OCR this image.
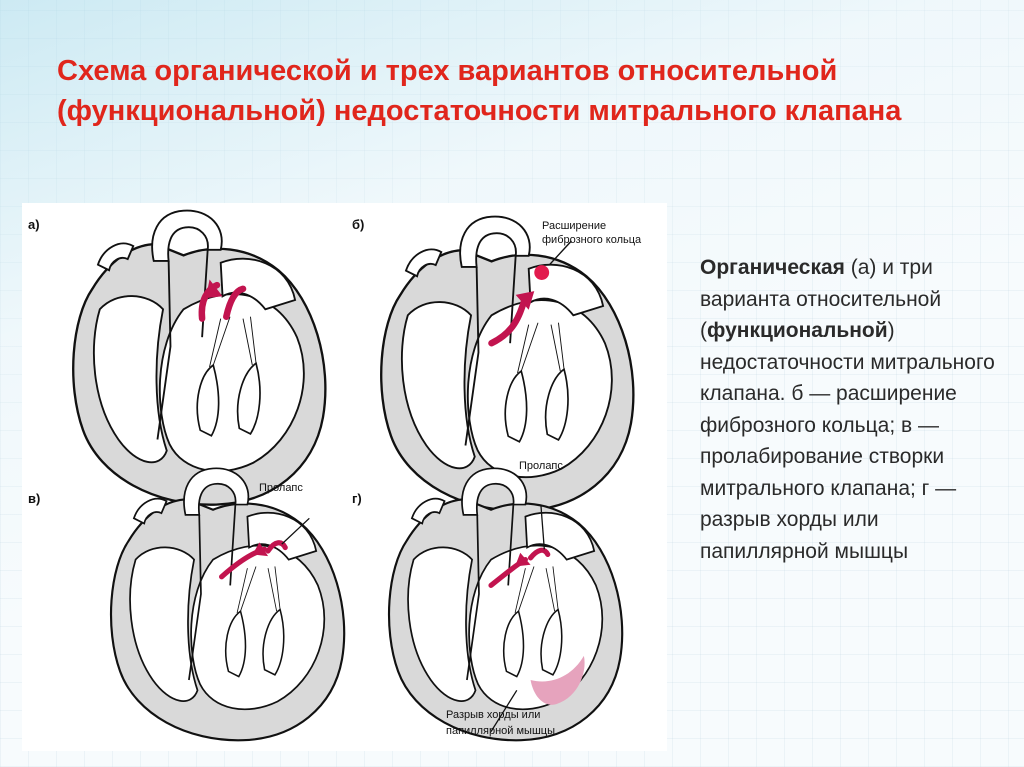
Схема органической и трех вариантов относительной (функциональной) недостаточности митрального клапана
а)	б)	Расширение
фиброзного кольца
в)
Пролапс
г)
Пролапс
Разрыв хорды или
папиллярной мышцы
Органическая (а) и три варианта относительной (функциональной) недостаточности митрального клапана. б — расширение фиброзного кольца; в — пролабирование створки митрального клапана; г — разрыв хорды или папиллярной мышцы
